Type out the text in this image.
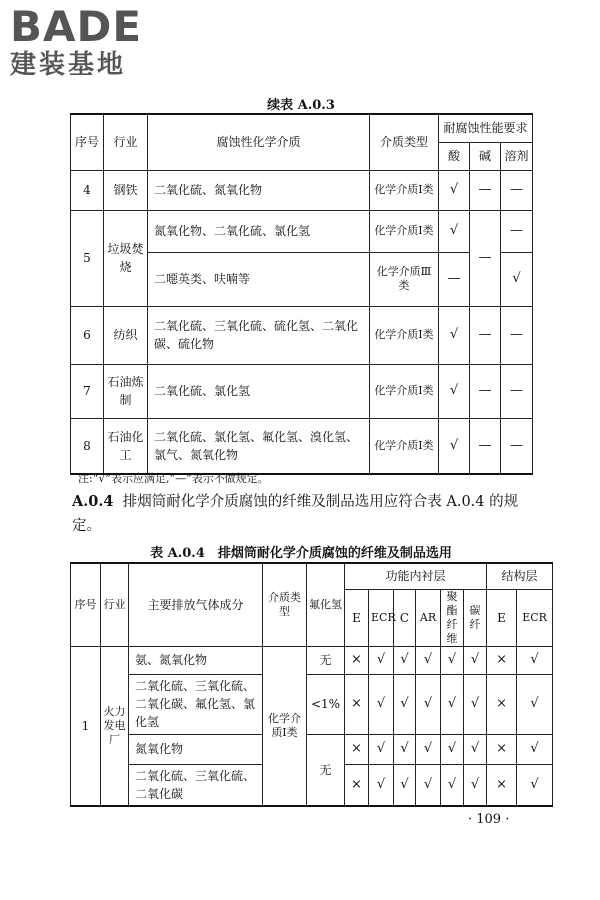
BADE
建装基地
续表 A.0.3
序号	行业	腐蚀性化学介质	介质类型	耐腐蚀性能要求		
				酸	碱	溶剂
4	钢铁	二氧化硫、氮氧化物	化学介质Ⅰ类	√	—	—
5	垃圾焚烧	氮氧化物、二氧化硫、氯化氢	化学介质Ⅰ类	√	—	—
		二噁英类、呋喃等	化学介质Ⅲ类	—		√
6	纺织	二氧化硫、三氧化硫、硫化氢、二氧化碳、硫化物	化学介质Ⅰ类	√	—	—
7	石油炼制	二氧化硫、氯化氢	化学介质Ⅰ类	√	—	—
8	石油化工	二氧化硫、氯化氢、氟化氢、溴化氢、氯气、氮氧化物	化学介质Ⅰ类	√	—	—
注:“√”表示应满足,“—”表示不做规定。
A.0.4 排烟筒耐化学介质腐蚀的纤维及制品选用应符合表 A.0.4 的规定。
表 A.0.4　排烟筒耐化学介质腐蚀的纤维及制品选用
序号	行业	主要排放气体成分	介质类型	氟化氢	功能内衬层						结构层	
					E	ECR	C	AR	聚酯纤维	碳纤	E	ECR
1	火力发电厂	氨、氮氧化物	化学介质Ⅰ类	无	×	√	√	√	√	√	×	√
		二氧化硫、三氧化硫、二氧化碳、氟化氢、氯化氢		<1%	×	√	√	√	√	√	×	√
		氮氧化物		无	×	√	√	√	√	√	×	√
		二氧化硫、三氧化硫、二氧化碳			×	√	√	√	√	√	×	√
· 109 ·
